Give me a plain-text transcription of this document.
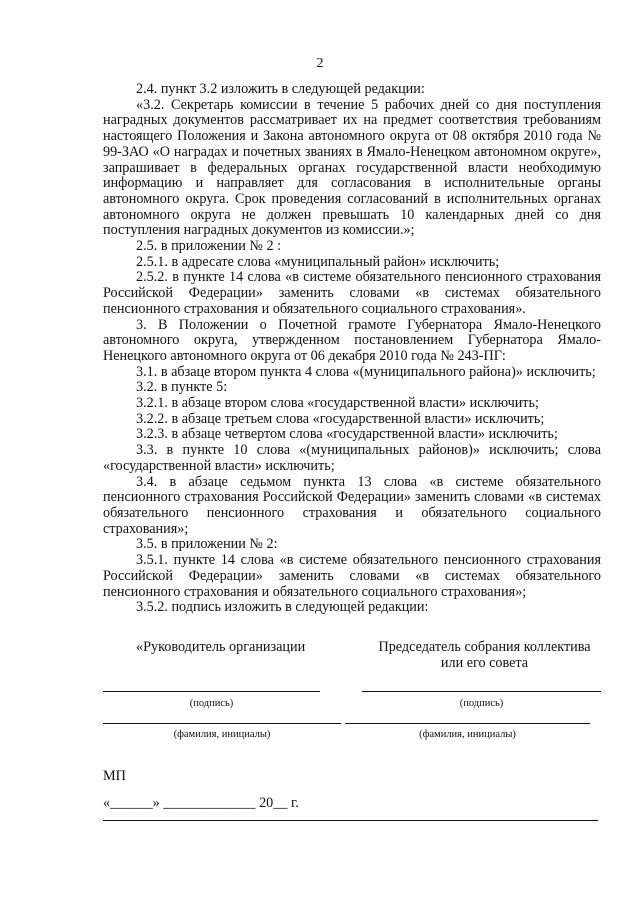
2

2.4. пункт 3.2 изложить в следующей редакции:

«3.2. Секретарь комиссии в течение 5 рабочих дней со дня поступления наградных документов рассматривает их на предмет соответствия требованиям настоящего Положения и Закона автономного округа от 08 октября 2010 года № 99-ЗАО «О наградах и почетных званиях в Ямало-Ненецком автономном округе», запрашивает в федеральных органах государственной власти необходимую информацию и направляет для согласования в исполнительные органы автономного округа. Срок проведения согласований в исполнительных органах автономного округа не должен превышать 10 календарных дней со дня поступления наградных документов из комиссии.»;

2.5. в приложении № 2 :

2.5.1. в адресате слова «муниципальный район» исключить;

2.5.2. в пункте 14 слова «в системе обязательного пенсионного страхования Российской Федерации» заменить словами «в системах обязательного пенсионного страхования и обязательного социального страхования».

3. В Положении о Почетной грамоте Губернатора Ямало-Ненецкого автономного округа, утвержденном постановлением Губернатора Ямало-Ненецкого автономного округа от 06 декабря 2010 года № 243-ПГ:

3.1. в абзаце втором пункта 4 слова «(муниципального района)» исключить;

3.2. в пункте 5:

3.2.1. в абзаце втором слова «государственной власти» исключить;

3.2.2. в абзаце третьем слова «государственной власти» исключить;

3.2.3. в абзаце четвертом слова «государственной власти» исключить;

3.3. в пункте 10 слова «(муниципальных районов)» исключить; слова «государственной власти» исключить;

3.4. в абзаце седьмом пункта 13 слова «в системе обязательного пенсионного страхования Российской Федерации» заменить словами «в системах обязательного пенсионного страхования и обязательного социального страхования»;

3.5. в приложении № 2:

3.5.1. пункте 14 слова «в системе обязательного пенсионного страхования Российской Федерации» заменить словами «в системах обязательного пенсионного страхования и обязательного социального страхования»;

3.5.2. подпись изложить в следующей редакции:

«Руководитель организации	Председатель собрания коллектива
или его совета
(подпись)	(подпись)
(фамилия, инициалы)	(фамилия, инициалы)
МП
«______» _____________ 20__ г.
